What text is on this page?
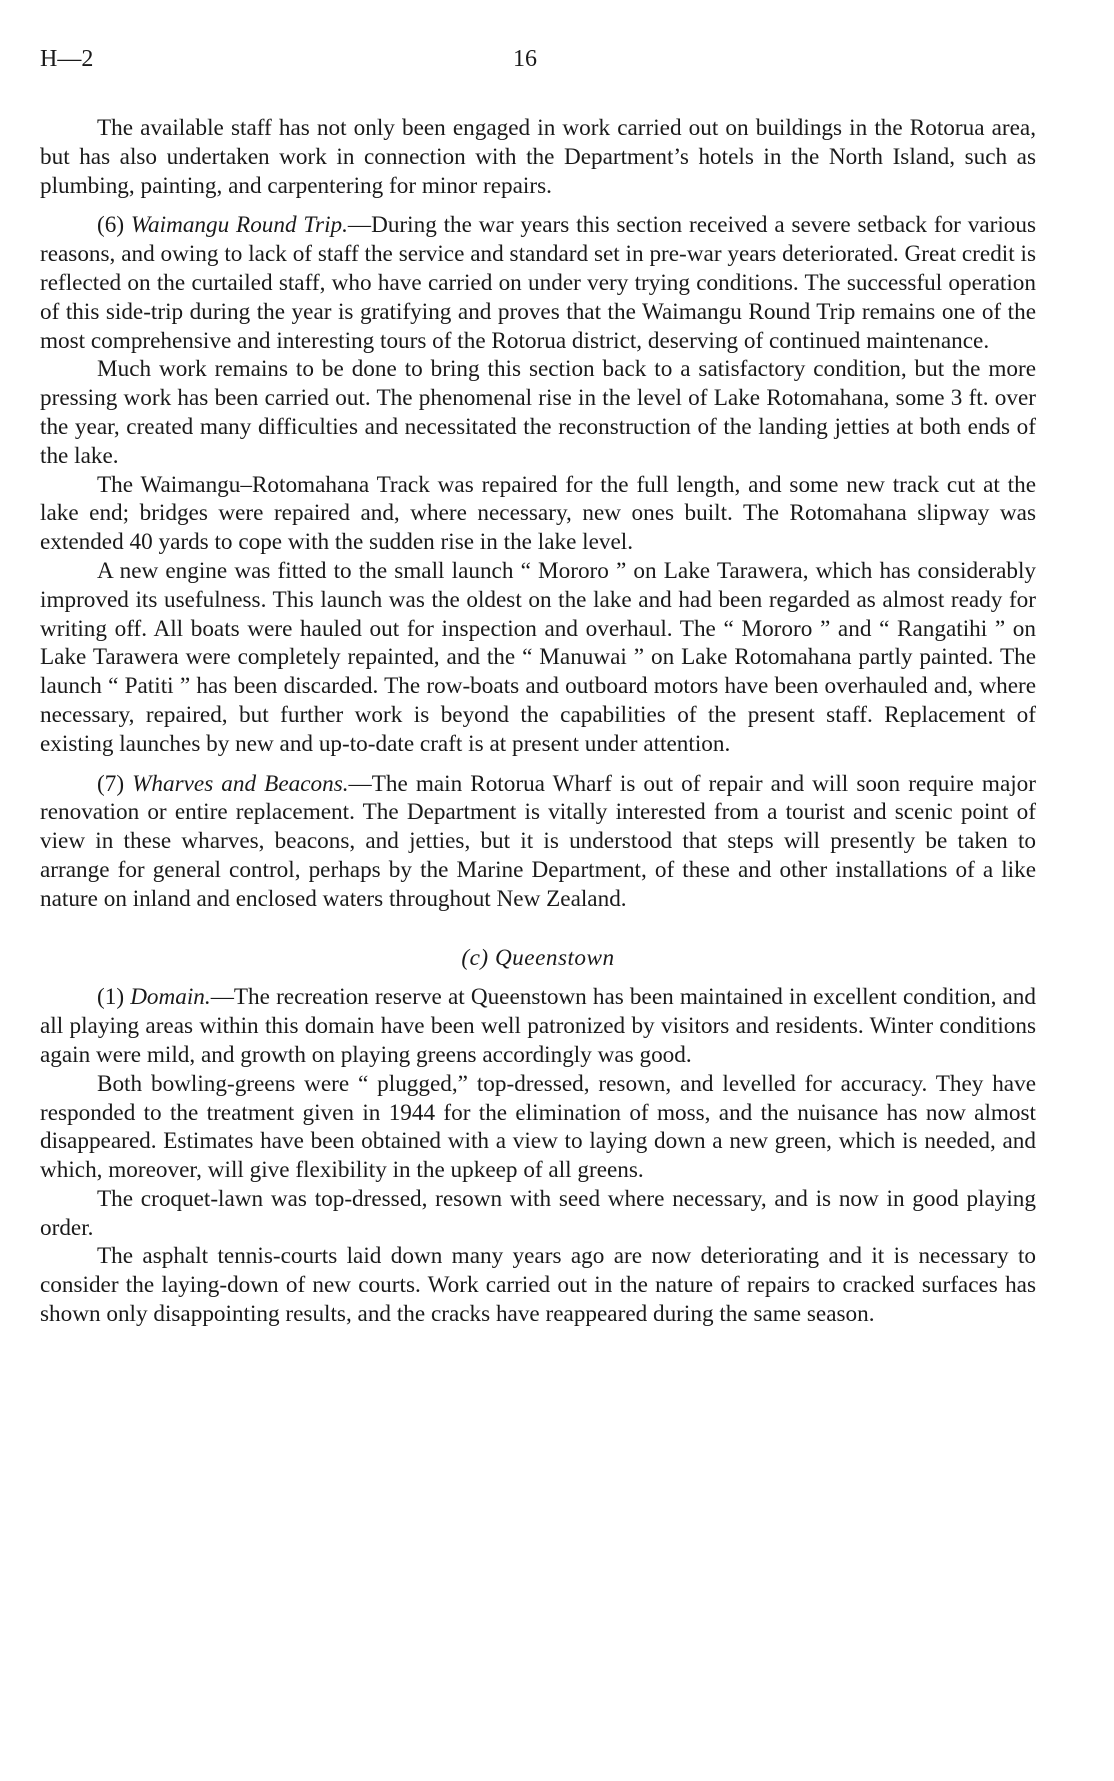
H—2	16

The available staff has not only been engaged in work carried out on buildings in the Rotorua area, but has also undertaken work in connection with the Department’s hotels in the North Island, such as plumbing, painting, and carpentering for minor repairs.

(6) Waimangu Round Trip.—During the war years this section received a severe setback for various reasons, and owing to lack of staff the service and standard set in pre-war years deteriorated. Great credit is reflected on the curtailed staff, who have carried on under very trying conditions. The successful operation of this side-trip during the year is gratifying and proves that the Waimangu Round Trip remains one of the most comprehensive and interesting tours of the Rotorua district, deserving of continued maintenance.

Much work remains to be done to bring this section back to a satisfactory condition, but the more pressing work has been carried out. The phenomenal rise in the level of Lake Rotomahana, some 3 ft. over the year, created many difficulties and necessitated the reconstruction of the landing jetties at both ends of the lake.

The Waimangu–Rotomahana Track was repaired for the full length, and some new track cut at the lake end; bridges were repaired and, where necessary, new ones built. The Rotomahana slipway was extended 40 yards to cope with the sudden rise in the lake level.

A new engine was fitted to the small launch “ Mororo ” on Lake Tarawera, which has considerably improved its usefulness. This launch was the oldest on the lake and had been regarded as almost ready for writing off. All boats were hauled out for inspection and overhaul. The “ Mororo ” and “ Rangatihi ” on Lake Tarawera were completely repainted, and the “ Manuwai ” on Lake Rotomahana partly painted. The launch “ Patiti ” has been discarded. The row-boats and outboard motors have been overhauled and, where necessary, repaired, but further work is beyond the capabilities of the present staff. Replacement of existing launches by new and up-to-date craft is at present under attention.

(7) Wharves and Beacons.—The main Rotorua Wharf is out of repair and will soon require major renovation or entire replacement. The Department is vitally interested from a tourist and scenic point of view in these wharves, beacons, and jetties, but it is understood that steps will presently be taken to arrange for general control, perhaps by the Marine Department, of these and other installations of a like nature on inland and enclosed waters throughout New Zealand.

(c) Queenstown

(1) Domain.—The recreation reserve at Queenstown has been maintained in excellent condition, and all playing areas within this domain have been well patronized by visitors and residents. Winter conditions again were mild, and growth on playing greens accordingly was good.

Both bowling-greens were “ plugged,” top-dressed, resown, and levelled for accuracy. They have responded to the treatment given in 1944 for the elimination of moss, and the nuisance has now almost disappeared. Estimates have been obtained with a view to laying down a new green, which is needed, and which, moreover, will give flexibility in the upkeep of all greens.

The croquet-lawn was top-dressed, resown with seed where necessary, and is now in good playing order.

The asphalt tennis-courts laid down many years ago are now deteriorating and it is necessary to consider the laying-down of new courts. Work carried out in the nature of repairs to cracked surfaces has shown only disappointing results, and the cracks have reappeared during the same season.
